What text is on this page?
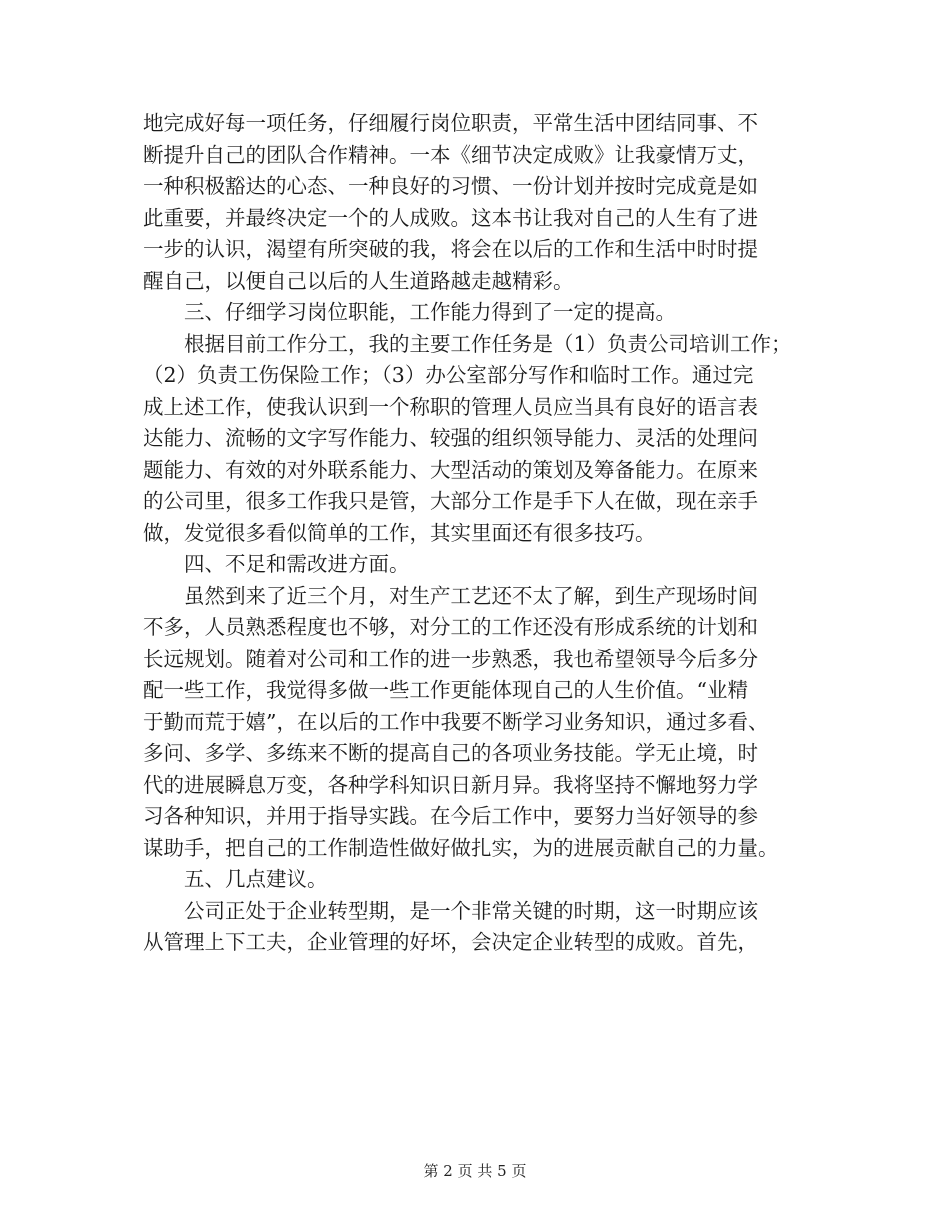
地完成好每一项任务，仔细履行岗位职责，平常生活中团结同事、不
断提升自己的团队合作精神。一本《细节决定成败》让我豪情万丈，
一种积极豁达的心态、一种良好的习惯、一份计划并按时完成竟是如
此重要，并最终决定一个的人成败。这本书让我对自己的人生有了进
一步的认识，渴望有所突破的我，将会在以后的工作和生活中时时提
醒自己，以便自己以后的人生道路越走越精彩。
三、仔细学习岗位职能，工作能力得到了一定的提高。
根据目前工作分工，我的主要工作任务是（1）负责公司培训工作；
（2）负责工伤保险工作；（3）办公室部分写作和临时工作。通过完
成上述工作，使我认识到一个称职的管理人员应当具有良好的语言表
达能力、流畅的文字写作能力、较强的组织领导能力、灵活的处理问
题能力、有效的对外联系能力、大型活动的策划及筹备能力。在原来
的公司里，很多工作我只是管，大部分工作是手下人在做，现在亲手
做，发觉很多看似简单的工作，其实里面还有很多技巧。
四、不足和需改进方面。
虽然到来了近三个月，对生产工艺还不太了解，到生产现场时间
不多，人员熟悉程度也不够，对分工的工作还没有形成系统的计划和
长远规划。随着对公司和工作的进一步熟悉，我也希望领导今后多分
配一些工作，我觉得多做一些工作更能体现自己的人生价值。“业精
于勤而荒于嬉”，在以后的工作中我要不断学习业务知识，通过多看、
多问、多学、多练来不断的提高自己的各项业务技能。学无止境，时
代的进展瞬息万变，各种学科知识日新月异。我将坚持不懈地努力学
习各种知识，并用于指导实践。在今后工作中，要努力当好领导的参
谋助手，把自己的工作制造性做好做扎实，为的进展贡献自己的力量。
五、几点建议。
公司正处于企业转型期，是一个非常关键的时期，这一时期应该
从管理上下工夫，企业管理的好坏，会决定企业转型的成败。首先，
第 2 页 共 5 页
